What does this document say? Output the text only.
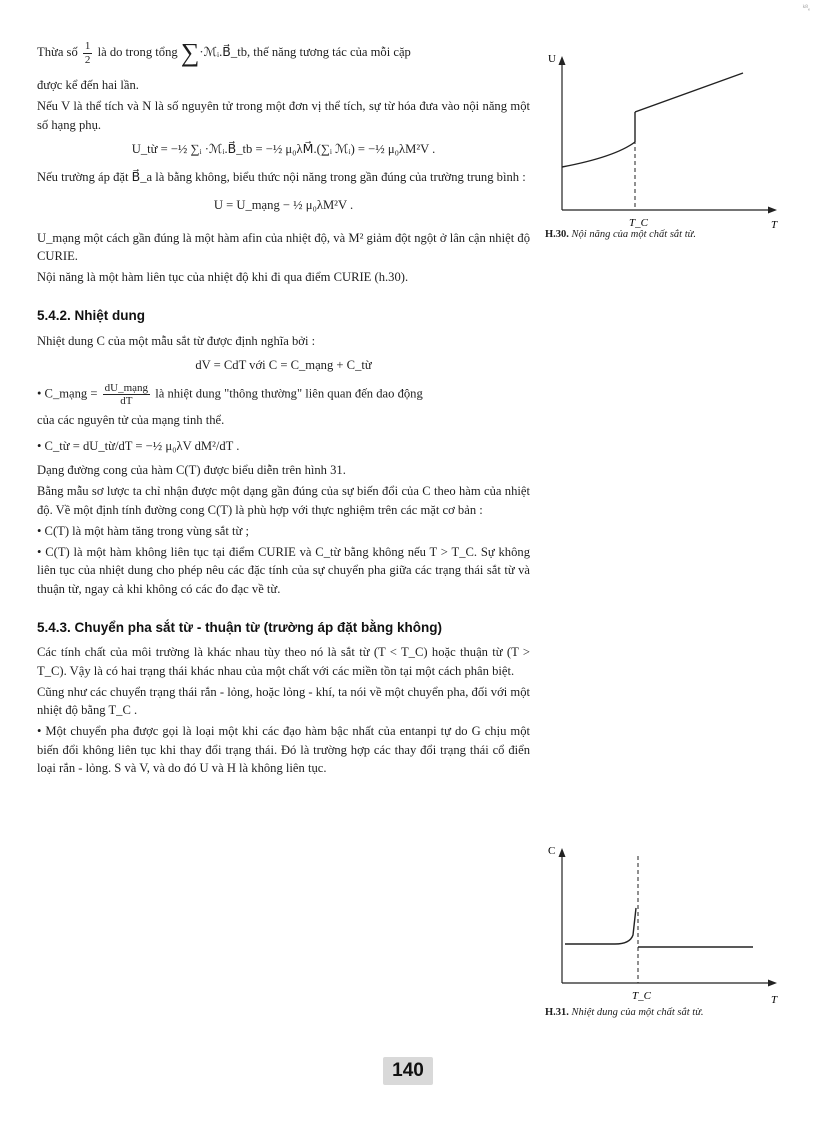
ᵏ⁸ₑ

Thừa số $\frac{1}{2}$ là do trong tổng ∑·ℳᵢ.B⃗_tb, thế năng tương tác của mỗi cặp

được kể đến hai lần.

Nếu V là thể tích và N là số nguyên tử trong một đơn vị thể tích, sự từ hóa đưa vào nội năng một số hạng phụ.

U_từ = −½ ∑ᵢ ·ℳᵢ.B⃗_tb = −½ μ₀λM⃗.(∑ᵢ ℳᵢ) = −½ μ₀λM²V .

Nếu trường áp đặt B⃗_a là bằng không, biểu thức nội năng trong gần đúng của trường trung bình :

U = U_mạng − ½ μ₀λM²V .

U_mạng một cách gần đúng là một hàm afin của nhiệt độ, và M² giảm đột ngột ở lân cận nhiệt độ CURIE.

Nội năng là một hàm liên tục của nhiệt độ khi đi qua điểm CURIE (h.30).

5.4.2. Nhiệt dung

Nhiệt dung C của một mẫu sắt từ được định nghĩa bởi :

dV = CdT với C = C_mạng + C_từ

• C_mạng = $\frac{\text{dU\_mạng}}{dT}$ là nhiệt dung "thông thường" liên quan đến dao động

của các nguyên tử của mạng tinh thể.

• C_từ = dU_từ/dT = −½ μ₀λV dM²/dT .

Dạng đường cong của hàm C(T) được biểu diễn trên hình 31.

Bằng mẫu sơ lược ta chỉ nhận được một dạng gần đúng của sự biến đổi của C theo hàm của nhiệt độ. Về một định tính đường cong C(T) là phù hợp với thực nghiệm trên các mặt cơ bản :

• C(T) là một hàm tăng trong vùng sắt từ ;

• C(T) là một hàm không liên tục tại điểm CURIE và C_từ bằng không nếu T > T_C. Sự không liên tục của nhiệt dung cho phép nêu các đặc tính của sự chuyển pha giữa các trạng thái sắt từ và thuận từ, ngay cả khi không có các đo đạc về từ.

5.4.3. Chuyển pha sắt từ - thuận từ (trường áp đặt bằng không)

Các tính chất của môi trường là khác nhau tùy theo nó là sắt từ (T < T_C) hoặc thuận từ (T > T_C). Vậy là có hai trạng thái khác nhau của một chất với các miền tồn tại một cách phân biệt.

Cũng như các chuyển trạng thái rắn - lỏng, hoặc lỏng - khí, ta nói về một chuyển pha, đối với một nhiệt độ bằng T_C .

• Một chuyển pha được gọi là loại một khi các đạo hàm bậc nhất của entanpi tự do G chịu một biến đổi không liên tục khi thay đổi trạng thái. Đó là trường hợp các thay đổi trạng thái cổ điển loại rắn - lỏng. S và V, và do đó U và H là không liên tục.

U
T
T_C
H.30. Nội năng của một chất sắt từ.
C
T
T_C
H.31. Nhiệt dung của một chất sắt từ.
140
